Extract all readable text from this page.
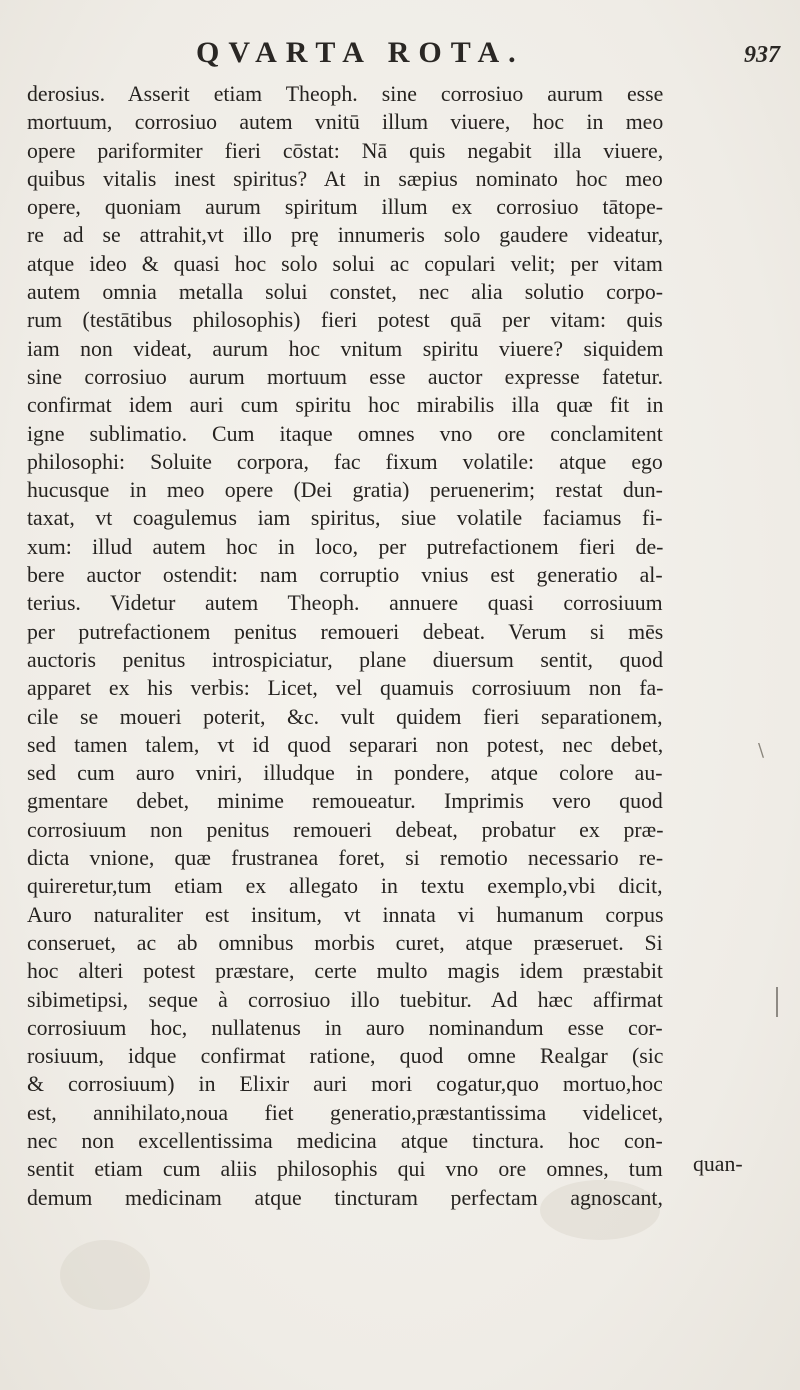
QVARTA ROTA.	937
derosius. Asserit etiam Theoph. sine corrosiuo aurum esse
mortuum, corrosiuo autem vnitū illum viuere, hoc in meo
opere pariformiter fieri cōstat: Nā quis negabit illa viuere,
quibus vitalis inest spiritus? At in sæpius nominato hoc meo
opere, quoniam aurum spiritum illum ex corrosiuo tātope-
re ad se attrahit,vt illo prę innumeris solo gaudere videatur,
atque ideo & quasi hoc solo solui ac copulari velit; per vitam
autem omnia metalla solui constet, nec alia solutio corpo-
rum (testātibus philosophis) fieri potest quā per vitam: quis
iam non videat, aurum hoc vnitum spiritu viuere? siquidem
sine corrosiuo aurum mortuum esse auctor expresse fatetur.
confirmat idem auri cum spiritu hoc mirabilis illa quæ fit in
igne sublimatio. Cum itaque omnes vno ore conclamitent
philosophi: Soluite corpora, fac fixum volatile: atque ego
hucusque in meo opere (Dei gratia) peruenerim; restat dun-
taxat, vt coagulemus iam spiritus, siue volatile faciamus fi-
xum: illud autem hoc in loco, per putrefactionem fieri de-
bere auctor ostendit: nam corruptio vnius est generatio al-
terius. Videtur autem Theoph. annuere quasi corrosiuum
per putrefactionem penitus remoueri debeat. Verum si mēs
auctoris penitus introspiciatur, plane diuersum sentit, quod
apparet ex his verbis: Licet, vel quamuis corrosiuum non fa-
cile se moueri poterit, &c. vult quidem fieri separationem,
sed tamen talem, vt id quod separari non potest, nec debet,
sed cum auro vniri, illudque in pondere, atque colore au-
gmentare debet, minime remoueatur. Imprimis vero quod
corrosiuum non penitus remoueri debeat, probatur ex præ-
dicta vnione, quæ frustranea foret, si remotio necessario re-
quireretur,tum etiam ex allegato in textu exemplo,vbi dicit,
Auro naturaliter est insitum, vt innata vi humanum corpus
conseruet, ac ab omnibus morbis curet, atque præseruet. Si
hoc alteri potest præstare, certe multo magis idem præstabit
sibimetipsi, seque à corrosiuo illo tuebitur. Ad hæc affirmat
corrosiuum hoc, nullatenus in auro nominandum esse cor-
rosiuum, idque confirmat ratione, quod omne Realgar (sic
& corrosiuum) in Elixir auri mori cogatur,quo mortuo,hoc
est, annihilato,noua fiet generatio,præstantissima videlicet,
nec non excellentissima medicina atque tinctura. hoc con-
sentit etiam cum aliis philosophis qui vno ore omnes, tum
demum medicinam atque tincturam perfectam agnoscant,
quan-
\
